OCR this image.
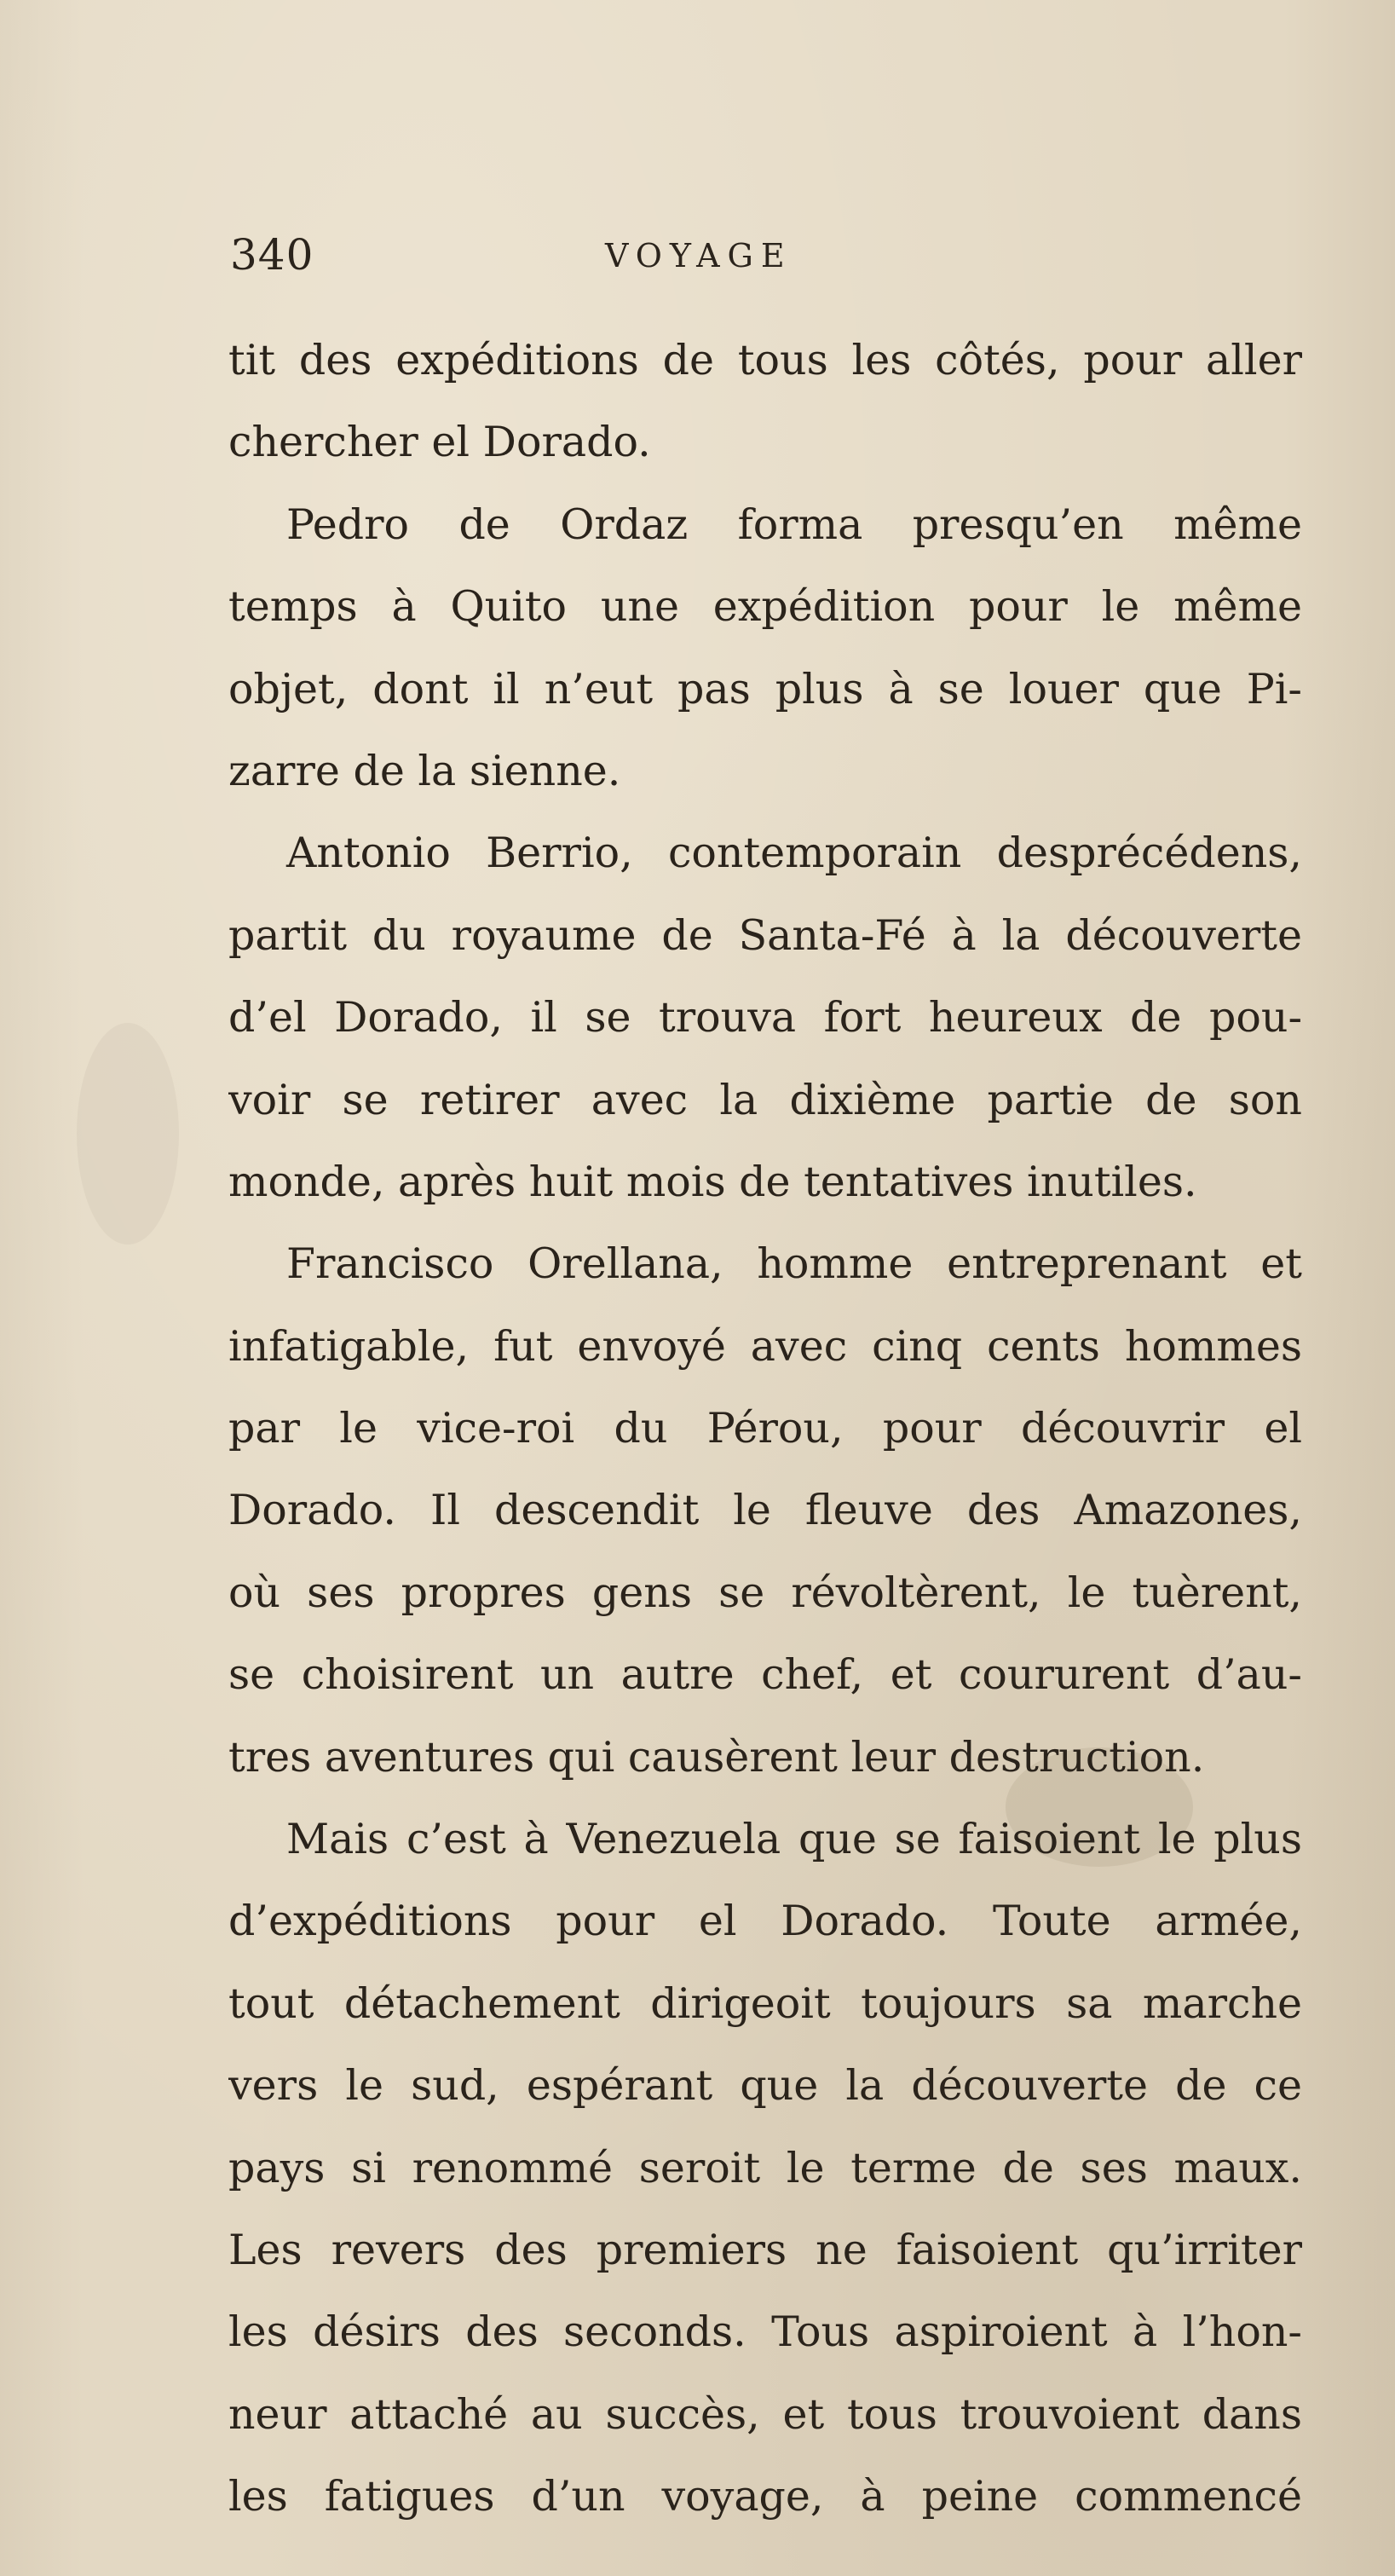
340	VOYAGE
tit des expéditions de tous les côtés, pour aller
chercher el Dorado.
Pedro de Ordaz forma presqu’en même
temps à Quito une expédition pour le même
objet, dont il n’eut pas plus à se louer que Pi-
zarre de la sienne.
Antonio Berrio, contemporain desprécédens,
partit du royaume de Santa-Fé à la découverte
d’el Dorado, il se trouva fort heureux de pou-
voir se retirer avec la dixième partie de son
monde, après huit mois de tentatives inutiles.
Francisco Orellana, homme entreprenant et
infatigable, fut envoyé avec cinq cents hommes
par le vice-roi du Pérou, pour découvrir el
Dorado. Il descendit le fleuve des Amazones,
où ses propres gens se révoltèrent, le tuèrent,
se choisirent un autre chef, et coururent d’au-
tres aventures qui causèrent leur destruction.
Mais c’est à Venezuela que se faisoient le plus
d’expéditions pour el Dorado. Toute armée,
tout détachement dirigeoit toujours sa marche
vers le sud, espérant que la découverte de ce
pays si renommé seroit le terme de ses maux.
Les revers des premiers ne faisoient qu’irriter
les désirs des seconds. Tous aspiroient à l’hon-
neur attaché au succès, et tous trouvoient dans
les fatigues d’un voyage, à peine commencé
